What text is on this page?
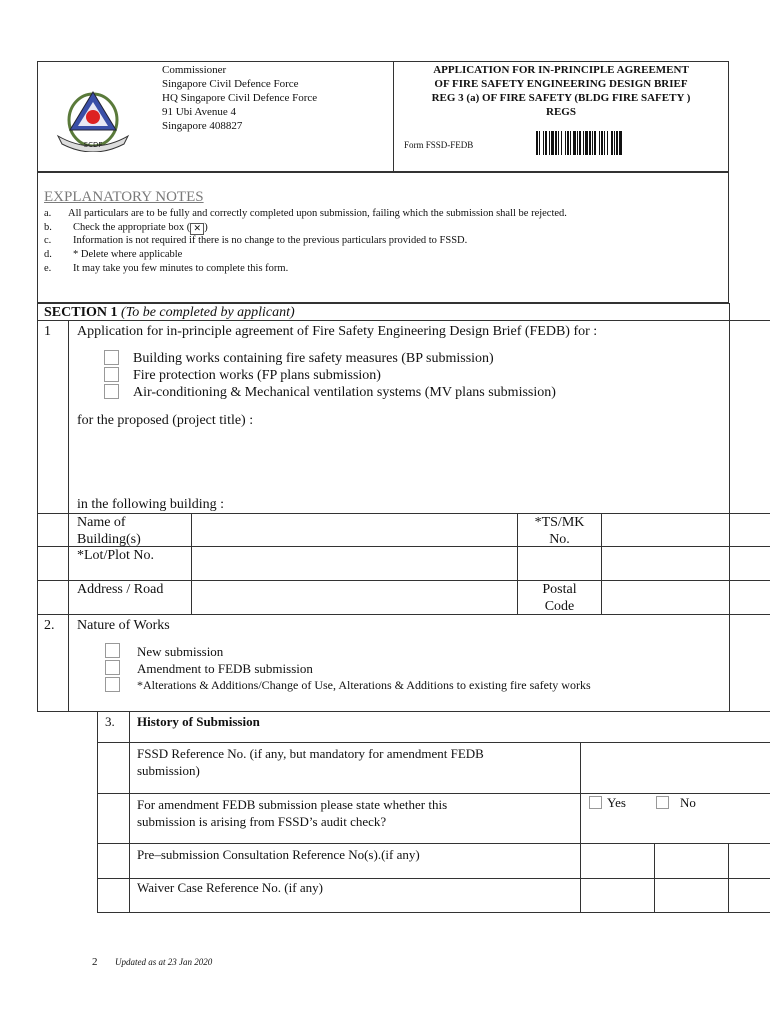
SCDF
Commissioner
Singapore Civil Defence Force
HQ Singapore Civil Defence Force
91 Ubi Avenue 4
Singapore 408827
APPLICATION FOR IN-PRINCIPLE AGREEMENT
OF FIRE SAFETY ENGINEERING DESIGN BRIEF
REG 3 (a) OF FIRE SAFETY (BLDG FIRE SAFETY )
REGS
Form FSSD-FEDB
EXPLANATORY NOTES
a. All particulars are to be fully and correctly completed upon submission, failing which the submission shall be rejected.
b. Check the appropriate box ( ✕ )
c. Information is not required if there is no change to the previous particulars provided to FSSD.
d. * Delete where applicable
e. It may take you few minutes to complete this form.
SECTION 1 (To be completed by applicant)
1 Application for in-principle agreement of Fire Safety Engineering Design Brief (FEDB) for :
Building works containing fire safety measures (BP submission)
Fire protection works (FP plans submission)
Air-conditioning & Mechanical ventilation systems (MV plans submission)
for the proposed (project title) :
in the following building :
Name of
Building(s)
*TS/MK
No.
*Lot/Plot No.
Address / Road	Postal
Code
2. Nature of Works
New submission
Amendment to FEDB submission
*Alterations & Additions/Change of Use, Alterations & Additions to existing fire safety works
3. History of Submission
FSSD Reference No. (if any, but mandatory for amendment FEDB
submission)
For amendment FEDB submission please state whether this
submission is arising from FSSD’s audit check?
Yes	No
Pre–submission Consultation Reference No(s).(if any)
Waiver Case Reference No. (if any)
2 Updated as at 23 Jan 2020
